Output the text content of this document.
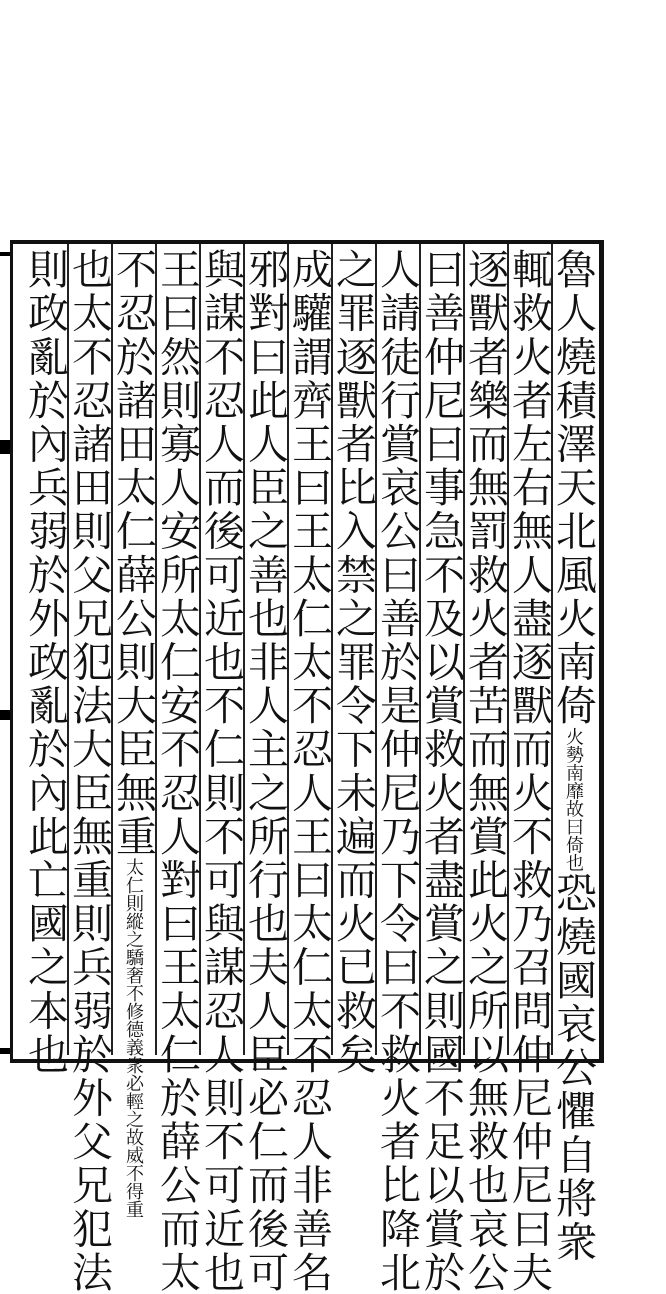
魯人燒積澤天北風火南倚火勢南靡故曰倚也恐燒國哀公懼自將衆
輒救火者左右無人盡逐獸而火不救乃召問仲尼仲尼曰夫
逐獸者樂而無罰救火者苦而無賞此火之所以無救也哀公
曰善仲尼曰事急不及以賞救火者盡賞之則國不足以賞於
人請徒行賞哀公曰善於是仲尼乃下令曰不救火者比降北
之罪逐獸者比入禁之罪令下未遍而火已救矣
成驩謂齊王曰王太仁太不忍人王曰太仁太不忍人非善名
邪對曰此人臣之善也非人主之所行也夫人臣必仁而後可
與謀不忍人而後可近也不仁則不可與謀忍人則不可近也
王曰然則寡人安所太仁安不忍人對曰王太仁於薛公而太
不忍於諸田太仁薛公則大臣無重太仁則縱之驕奢不修德義衆必輕之故威不得重
也太不忍諸田則父兄犯法大臣無重則兵弱於外父兄犯法
則政亂於內兵弱於外政亂於內此亡國之本也
